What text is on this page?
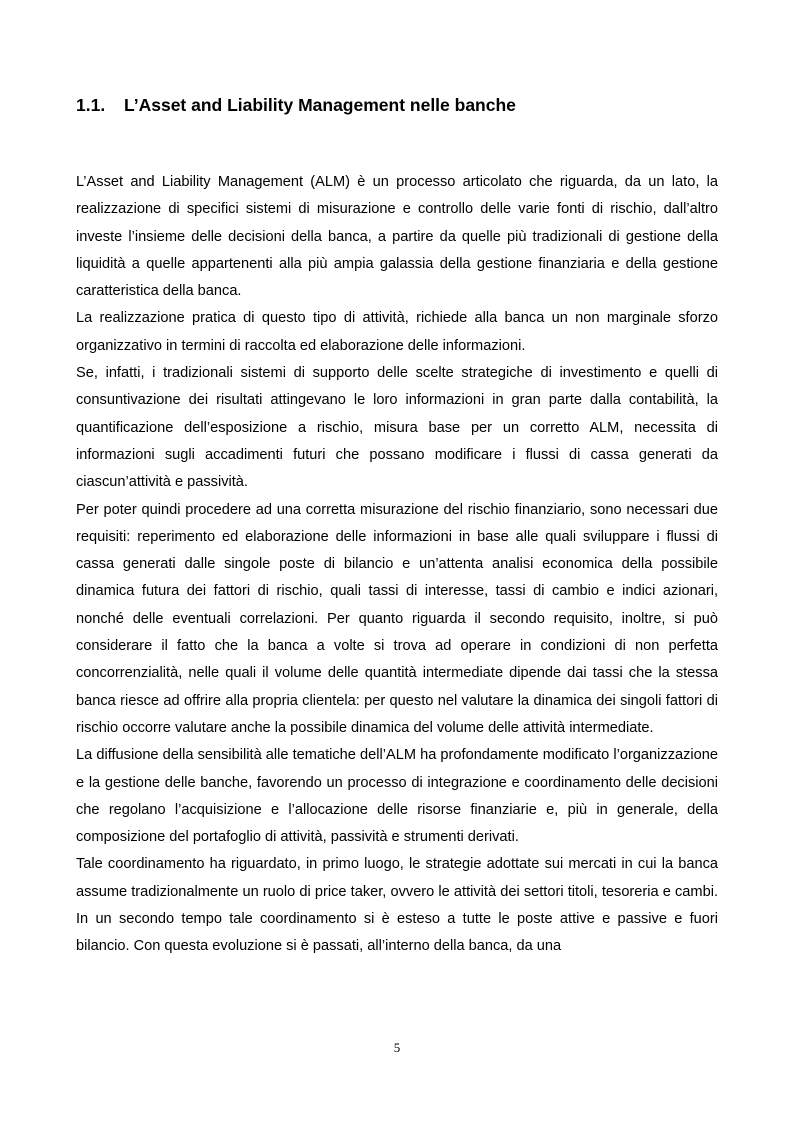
1.1. L’Asset and Liability Management nelle banche

L’Asset and Liability Management (ALM) è un processo articolato che riguarda, da un lato, la realizzazione di specifici sistemi di misurazione e controllo delle varie fonti di rischio, dall’altro investe l’insieme delle decisioni della banca, a partire da quelle più tradizionali di gestione della liquidità a quelle appartenenti alla più ampia galassia della gestione finanziaria e della gestione caratteristica della banca.

La realizzazione pratica di questo tipo di attività, richiede alla banca un non marginale sforzo organizzativo in termini di raccolta ed elaborazione delle informazioni.

Se, infatti, i tradizionali sistemi di supporto delle scelte strategiche di investimento e quelli di consuntivazione dei risultati attingevano le loro informazioni in gran parte dalla contabilità, la quantificazione dell’esposizione a rischio, misura base per un corretto ALM, necessita di informazioni sugli accadimenti futuri che possano modificare i flussi di cassa generati da ciascun’attività e passività.

Per poter quindi procedere ad una corretta misurazione del rischio finanziario, sono necessari due requisiti: reperimento ed elaborazione delle informazioni in base alle quali sviluppare i flussi di cassa generati dalle singole poste di bilancio e un’attenta analisi economica della possibile dinamica futura dei fattori di rischio, quali tassi di interesse, tassi di cambio e indici azionari, nonché delle eventuali correlazioni. Per quanto riguarda il secondo requisito, inoltre, si può considerare il fatto che la banca a volte si trova ad operare in condizioni di non perfetta concorrenzialità, nelle quali il volume delle quantità intermediate dipende dai tassi che la stessa banca riesce ad offrire alla propria clientela: per questo nel valutare la dinamica dei singoli fattori di rischio occorre valutare anche la possibile dinamica del volume delle attività intermediate.

La diffusione della sensibilità alle tematiche dell’ALM ha profondamente modificato l’organizzazione e la gestione delle banche, favorendo un processo di integrazione e coordinamento delle decisioni che regolano l’acquisizione e l’allocazione delle risorse finanziarie e, più in generale, della composizione del portafoglio di attività, passività e strumenti derivati.

Tale coordinamento ha riguardato, in primo luogo, le strategie adottate sui mercati in cui la banca assume tradizionalmente un ruolo di price taker, ovvero le attività dei settori titoli, tesoreria e cambi. In un secondo tempo tale coordinamento si è esteso a tutte le poste attive e passive e fuori bilancio. Con questa evoluzione si è passati, all’interno della banca, da una

5
